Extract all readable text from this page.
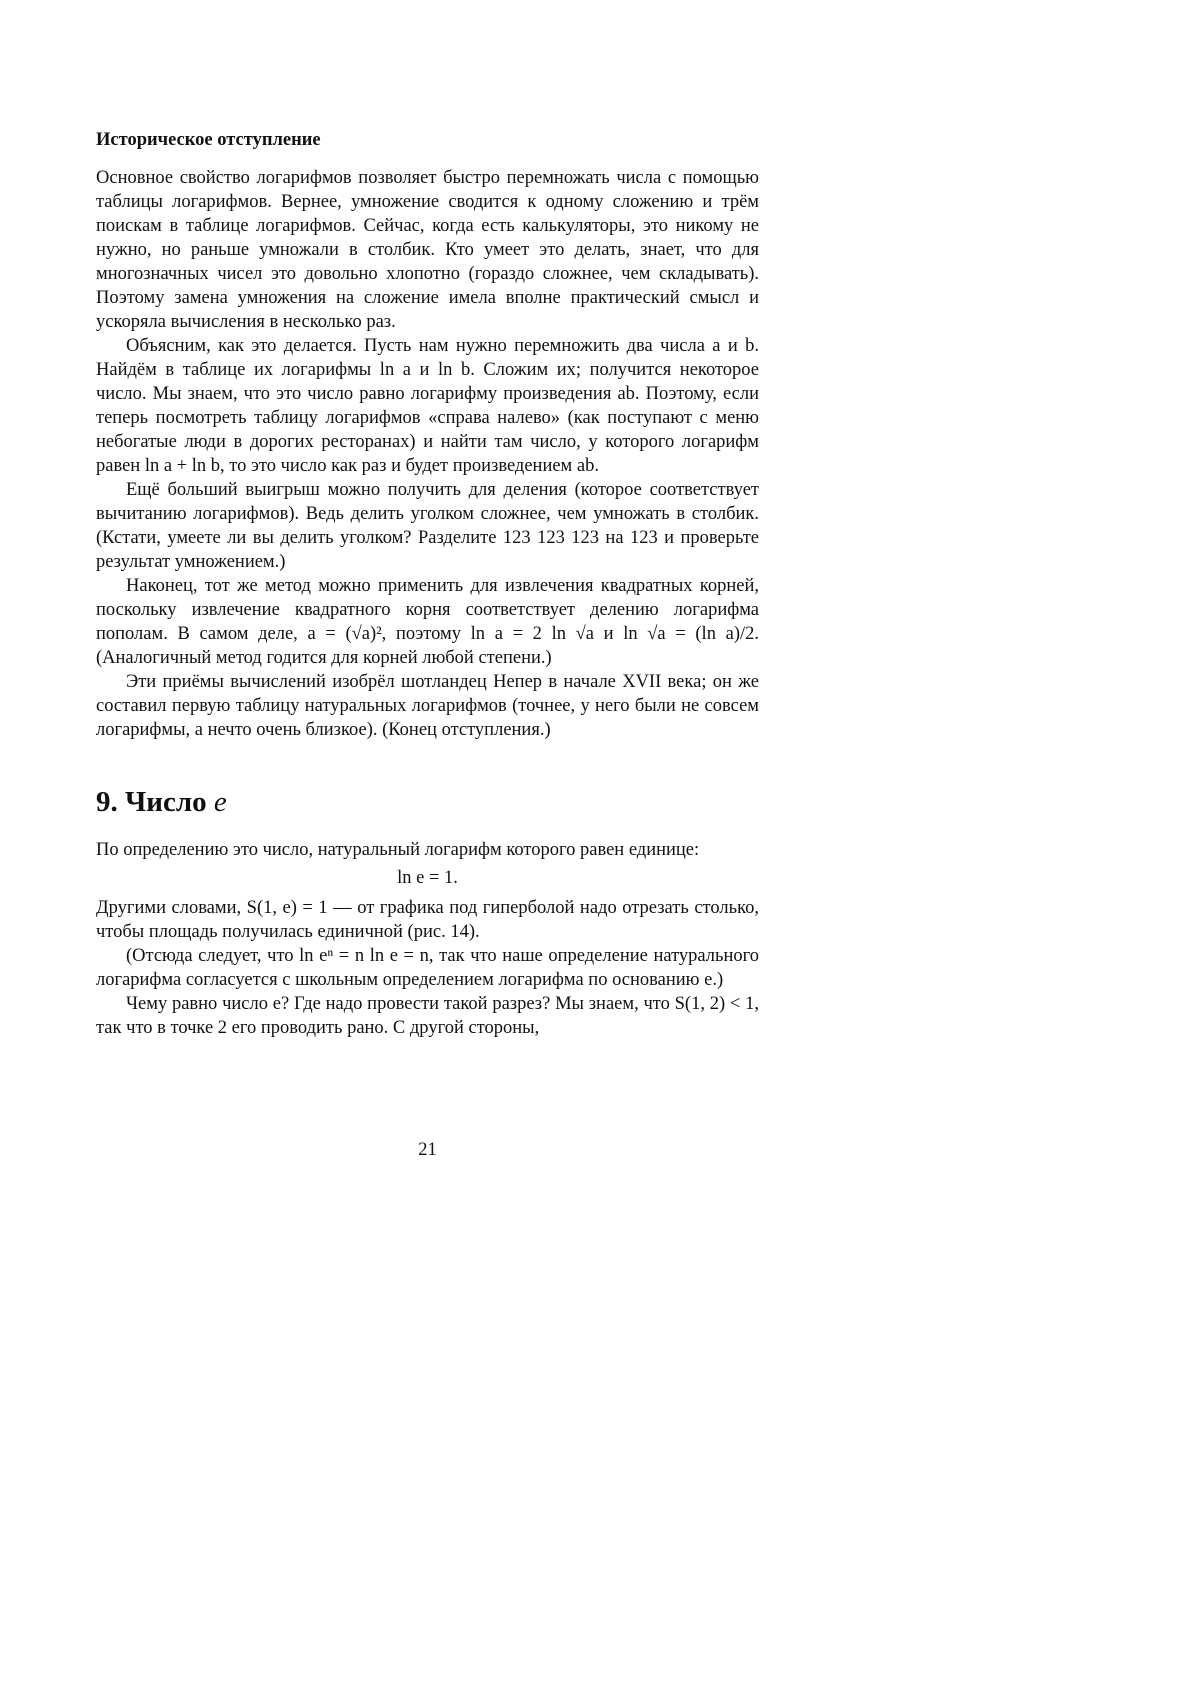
Историческое отступление

Основное свойство логарифмов позволяет быстро перемножать числа с помощью таблицы логарифмов. Вернее, умножение сводится к одному сложению и трём поискам в таблице логарифмов. Сейчас, когда есть калькуляторы, это никому не нужно, но раньше умножали в столбик. Кто умеет это делать, знает, что для многозначных чисел это довольно хлопотно (гораздо сложнее, чем складывать). Поэтому замена умножения на сложение имела вполне практический смысл и ускоряла вычисления в несколько раз.

Объясним, как это делается. Пусть нам нужно перемножить два числа a и b. Найдём в таблице их логарифмы ln a и ln b. Сложим их; получится некоторое число. Мы знаем, что это число равно логарифму произведения ab. Поэтому, если теперь посмотреть таблицу логарифмов «справа налево» (как поступают с меню небогатые люди в дорогих ресторанах) и найти там число, у которого логарифм равен ln a + ln b, то это число как раз и будет произведением ab.

Ещё больший выигрыш можно получить для деления (которое соответствует вычитанию логарифмов). Ведь делить уголком сложнее, чем умножать в столбик. (Кстати, умеете ли вы делить уголком? Разделите 123 123 123 на 123 и проверьте результат умножением.)

Наконец, тот же метод можно применить для извлечения квадратных корней, поскольку извлечение квадратного корня соответствует делению логарифма пополам. В самом деле, a = (√a)², поэтому ln a = 2 ln √a и ln √a = (ln a)/2. (Аналогичный метод годится для корней любой степени.)

Эти приёмы вычислений изобрёл шотландец Непер в начале XVII века; он же составил первую таблицу натуральных логарифмов (точнее, у него были не совсем логарифмы, а нечто очень близкое). (Конец отступления.)

9. Число e

По определению это число, натуральный логарифм которого равен единице:

ln e = 1.

Другими словами, S(1, e) = 1 — от графика под гиперболой надо отрезать столько, чтобы площадь получилась единичной (рис. 14).

(Отсюда следует, что ln eⁿ = n ln e = n, так что наше определение натурального логарифма согласуется с школьным определением логарифма по основанию e.)

Чему равно число e? Где надо провести такой разрез? Мы знаем, что S(1, 2) < 1, так что в точке 2 его проводить рано. С другой стороны,

21
